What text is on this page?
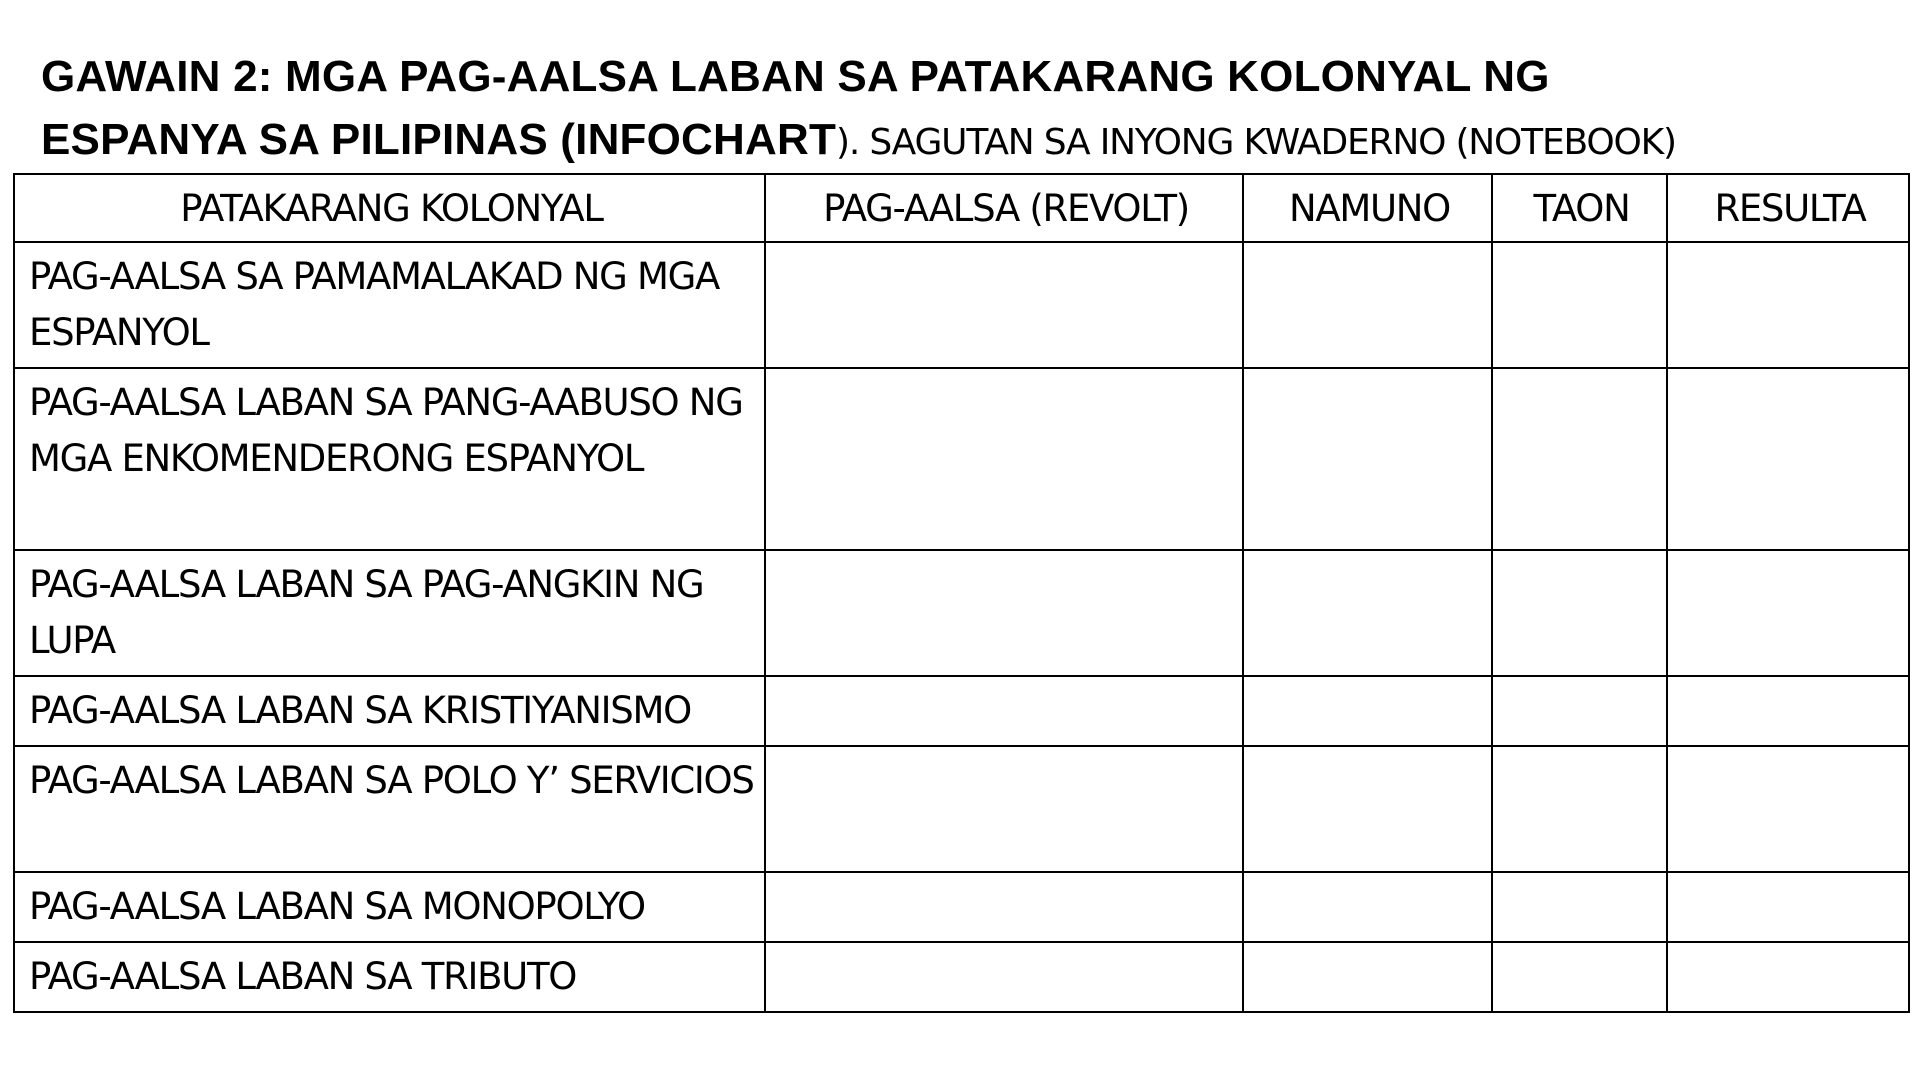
GAWAIN 2: MGA PAG-AALSA LABAN SA PATAKARANG KOLONYAL NG
ESPANYA SA PILIPINAS (INFOCHART). SAGUTAN SA INYONG KWADERNO (NOTEBOOK)
PATAKARANG KOLONYAL	PAG-AALSA (REVOLT)	NAMUNO	TAON	RESULTA
PAG-AALSA SA PAMAMALAKAD NG MGA ESPANYOL				
PAG-AALSA LABAN SA PANG-AABUSO NG MGA ENKOMENDERONG ESPANYOL				
PAG-AALSA LABAN SA PAG-ANGKIN NG LUPA				
PAG-AALSA LABAN SA KRISTIYANISMO				
PAG-AALSA LABAN SA POLO Y’ SERVICIOS				
PAG-AALSA LABAN SA MONOPOLYO				
PAG-AALSA LABAN SA TRIBUTO				
